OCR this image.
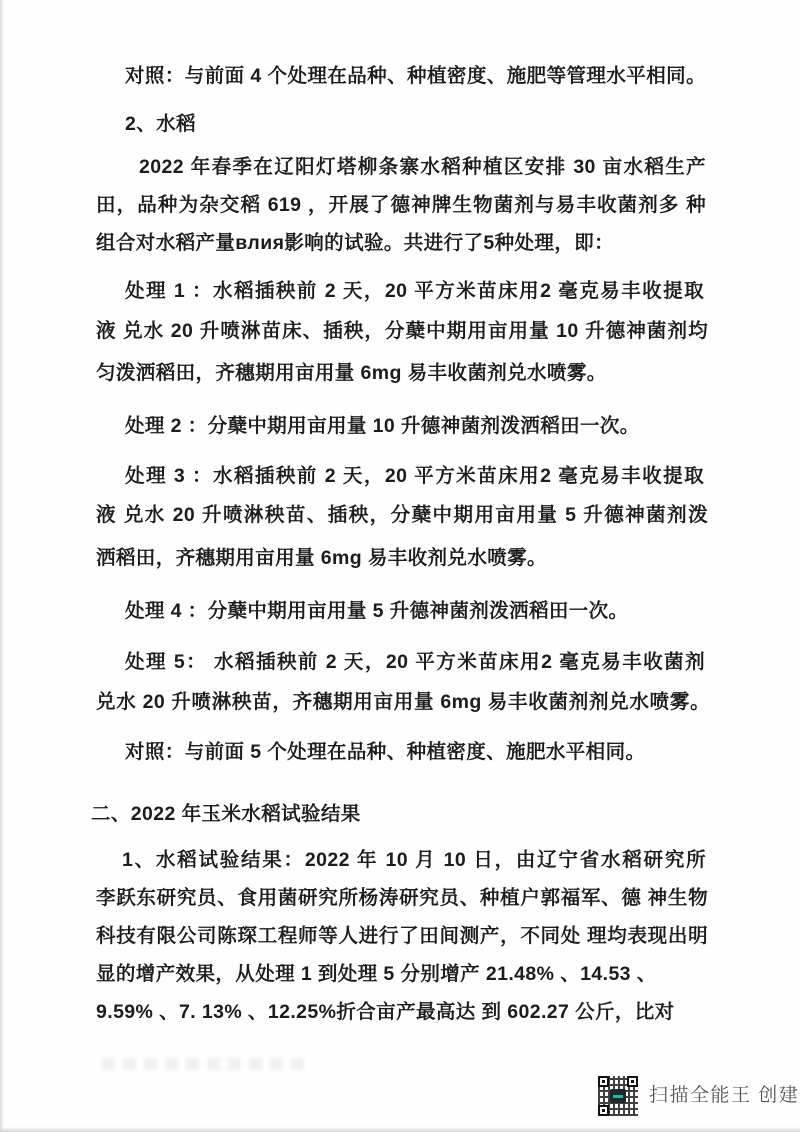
对照：与前面 4 个处理在品种、种植密度、施肥等管理水平相同。
2、水稻
2022 年春季在辽阳灯塔柳条寨水稻种植区安排 30 亩水稻生产
田，品种为杂交稻 619 ，开展了德神牌生物菌剂与易丰收菌剂多 种
组合对水稻产量влия影响的试验。共进行了5种处理，即：
处理 1 ：水稻插秧前 2 天，20 平方米苗床用2 毫克易丰收提取
液 兑水 20 升喷淋苗床、插秧，分蘖中期用亩用量 10 升德神菌剂均
匀泼洒稻田，齐穗期用亩用量 6mg 易丰收菌剂兑水喷雾。
处理 2 ：分蘖中期用亩用量 10 升德神菌剂泼洒稻田一次。
处理 3 ：水稻插秧前 2 天，20 平方米苗床用2 毫克易丰收提取
液 兑水 20 升喷淋秧苗、插秧，分蘖中期用亩用量 5 升德神菌剂泼
洒稻田，齐穗期用亩用量 6mg 易丰收剂兑水喷雾。
处理 4 ：分蘖中期用亩用量 5 升德神菌剂泼洒稻田一次。
处理 5： 水稻插秧前 2 天，20 平方米苗床用2 毫克易丰收菌剂
兑水 20 升喷淋秧苗，齐穗期用亩用量 6mg 易丰收菌剂剂兑水喷雾。
对照：与前面 5 个处理在品种、种植密度、施肥水平相同。
二、2022 年玉米水稻试验结果
1、水稻试验结果：2022 年 10 月 10 日，由辽宁省水稻研究所
李跃东研究员、食用菌研究所杨涛研究员、种植户郭福军、德 神生物
科技有限公司陈琛工程师等人进行了田间测产，不同处 理均表现出明
显的增产效果，从处理 1 到处理 5 分别增产 21.48% 、14.53 、
9.59% 、7. 13% 、12.25%折合亩产最高达 到 602.27 公斤，比对
扫描全能王 创建
